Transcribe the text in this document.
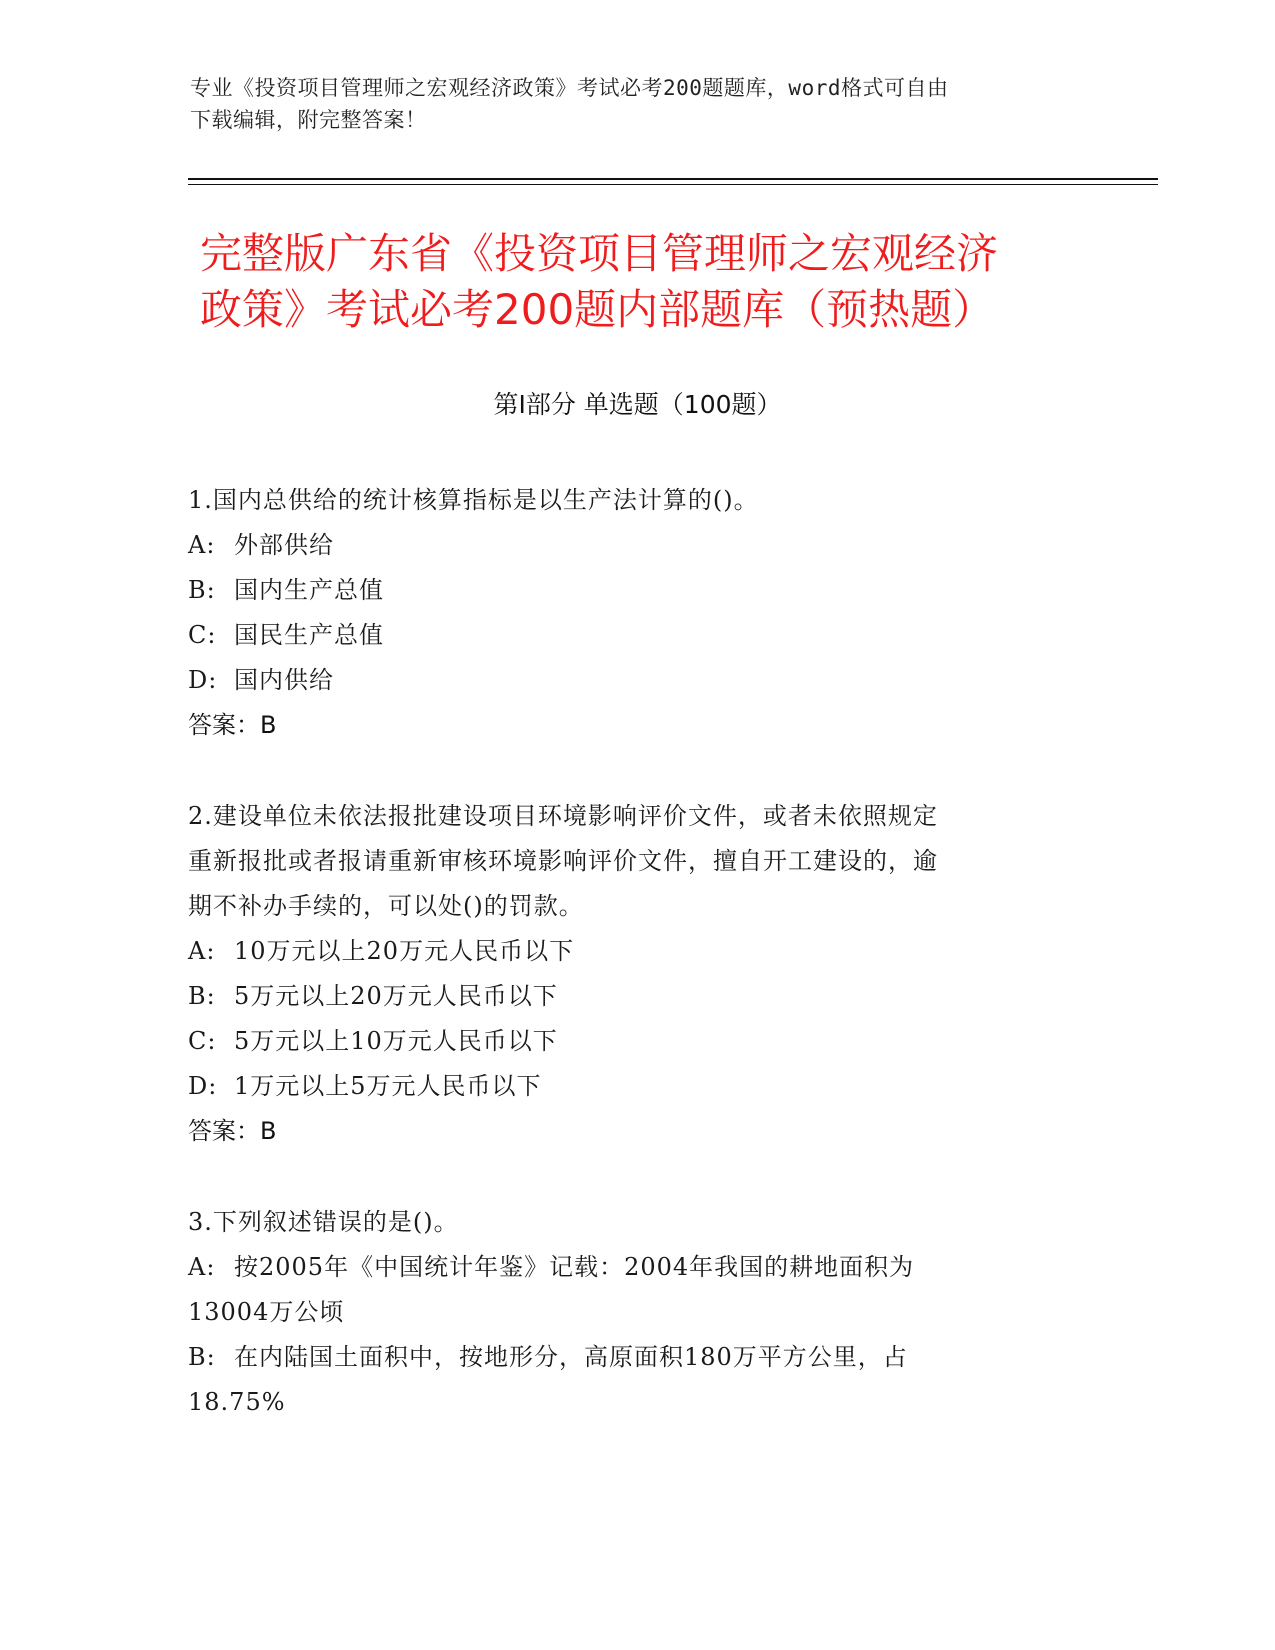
专业《投资项目管理师之宏观经济政策》考试必考200题题库，word格式可自由
下载编辑，附完整答案！
完整版广东省《投资项目管理师之宏观经济
政策》考试必考200题内部题库（预热题）
第I部分 单选题（100题）
1.国内总供给的统计核算指标是以生产法计算的()。
A: 外部供给
B: 国内生产总值
C: 国民生产总值
D: 国内供给
答案：B
2.建设单位未依法报批建设项目环境影响评价文件，或者未依照规定
重新报批或者报请重新审核环境影响评价文件，擅自开工建设的，逾
期不补办手续的，可以处()的罚款。
A: 10万元以上20万元人民币以下
B: 5万元以上20万元人民币以下
C: 5万元以上10万元人民币以下
D: 1万元以上5万元人民币以下
答案：B
3.下列叙述错误的是()。
A: 按2005年《中国统计年鉴》记载：2004年我国的耕地面积为
13004万公顷
B: 在内陆国土面积中，按地形分，高原面积180万平方公里，占
18.75%
